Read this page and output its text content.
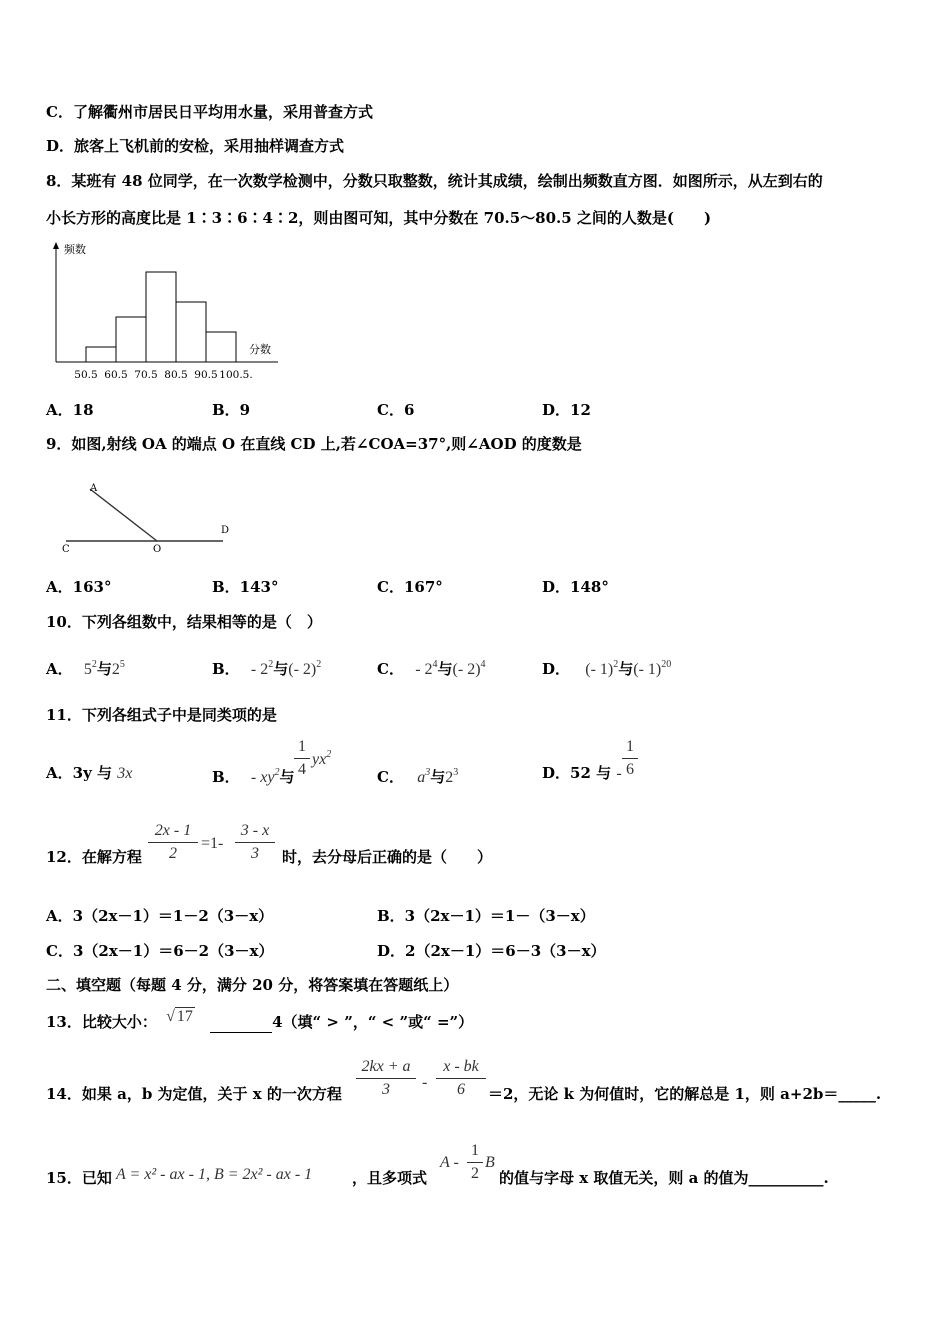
C．了解衢州市居民日平均用水量，采用普查方式
D．旅客上飞机前的安检，采用抽样调查方式
8．某班有 48 位同学，在一次数学检测中，分数只取整数，统计其成绩，绘制出频数直方图．如图所示，从左到右的
小长方形的高度比是 1∶3∶6∶4∶2，则由图可知，其中分数在 70.5～80.5 之间的人数是(　　)
频数
分数
50.5 60.5 70.5 80.5 90.5 100.5.
A．18	B．9	C．6	D．12
9．如图,射线 OA 的端点 O 在直线 CD 上,若∠COA=37°,则∠AOD 的度数是
A
C	O
D
A．163°	B．143°	C．167°	D．148°
10．下列各组数中，结果相等的是（　）
A． $5^2$与$2^5$	B． - $2^2$与(- 2)$^2$	C． - $2^4$与(- 2)$^4$	D． (- 1)$^2$与(- 1)$^{20}$
11．下列各组式子中是同类项的是
A．3y 与 3x	B． - $xy^2$与 $\frac{1}{4} yx^2$
C． $a^3$与$2^3$	D．52 与 - $\frac{1}{6}$
12．在解方程 $\frac{2x - 1}{2} =1- \frac{3 - x}{3}$ 时，去分母后正确的是（　　）
A．3（2x－1）＝1－2（3－x）	B．3（2x－1）＝1－（3－x）
C．3（2x－1）＝6－2（3－x）	D．2（2x－1）＝6－3（3－x）
二、填空题（每题 4 分，满分 20 分，将答案填在答题纸上）
13．比较大小： √ 17	4（填“ > ”，“ < ”或“ =”）
14．如果 a，b 为定值，关于 x 的一次方程 $\frac{2kx + a}{3} - \frac{x - bk}{6} =2$，无论 k 为何值时，它的解总是 1，则 a+2b＝_____.
15．已知 A = x² - ax - 1, B = 2x² - ax - 1	，且多项式
A - $\frac{1}{2}$ B
的值与字母 x 取值无关，则 a 的值为__________.
